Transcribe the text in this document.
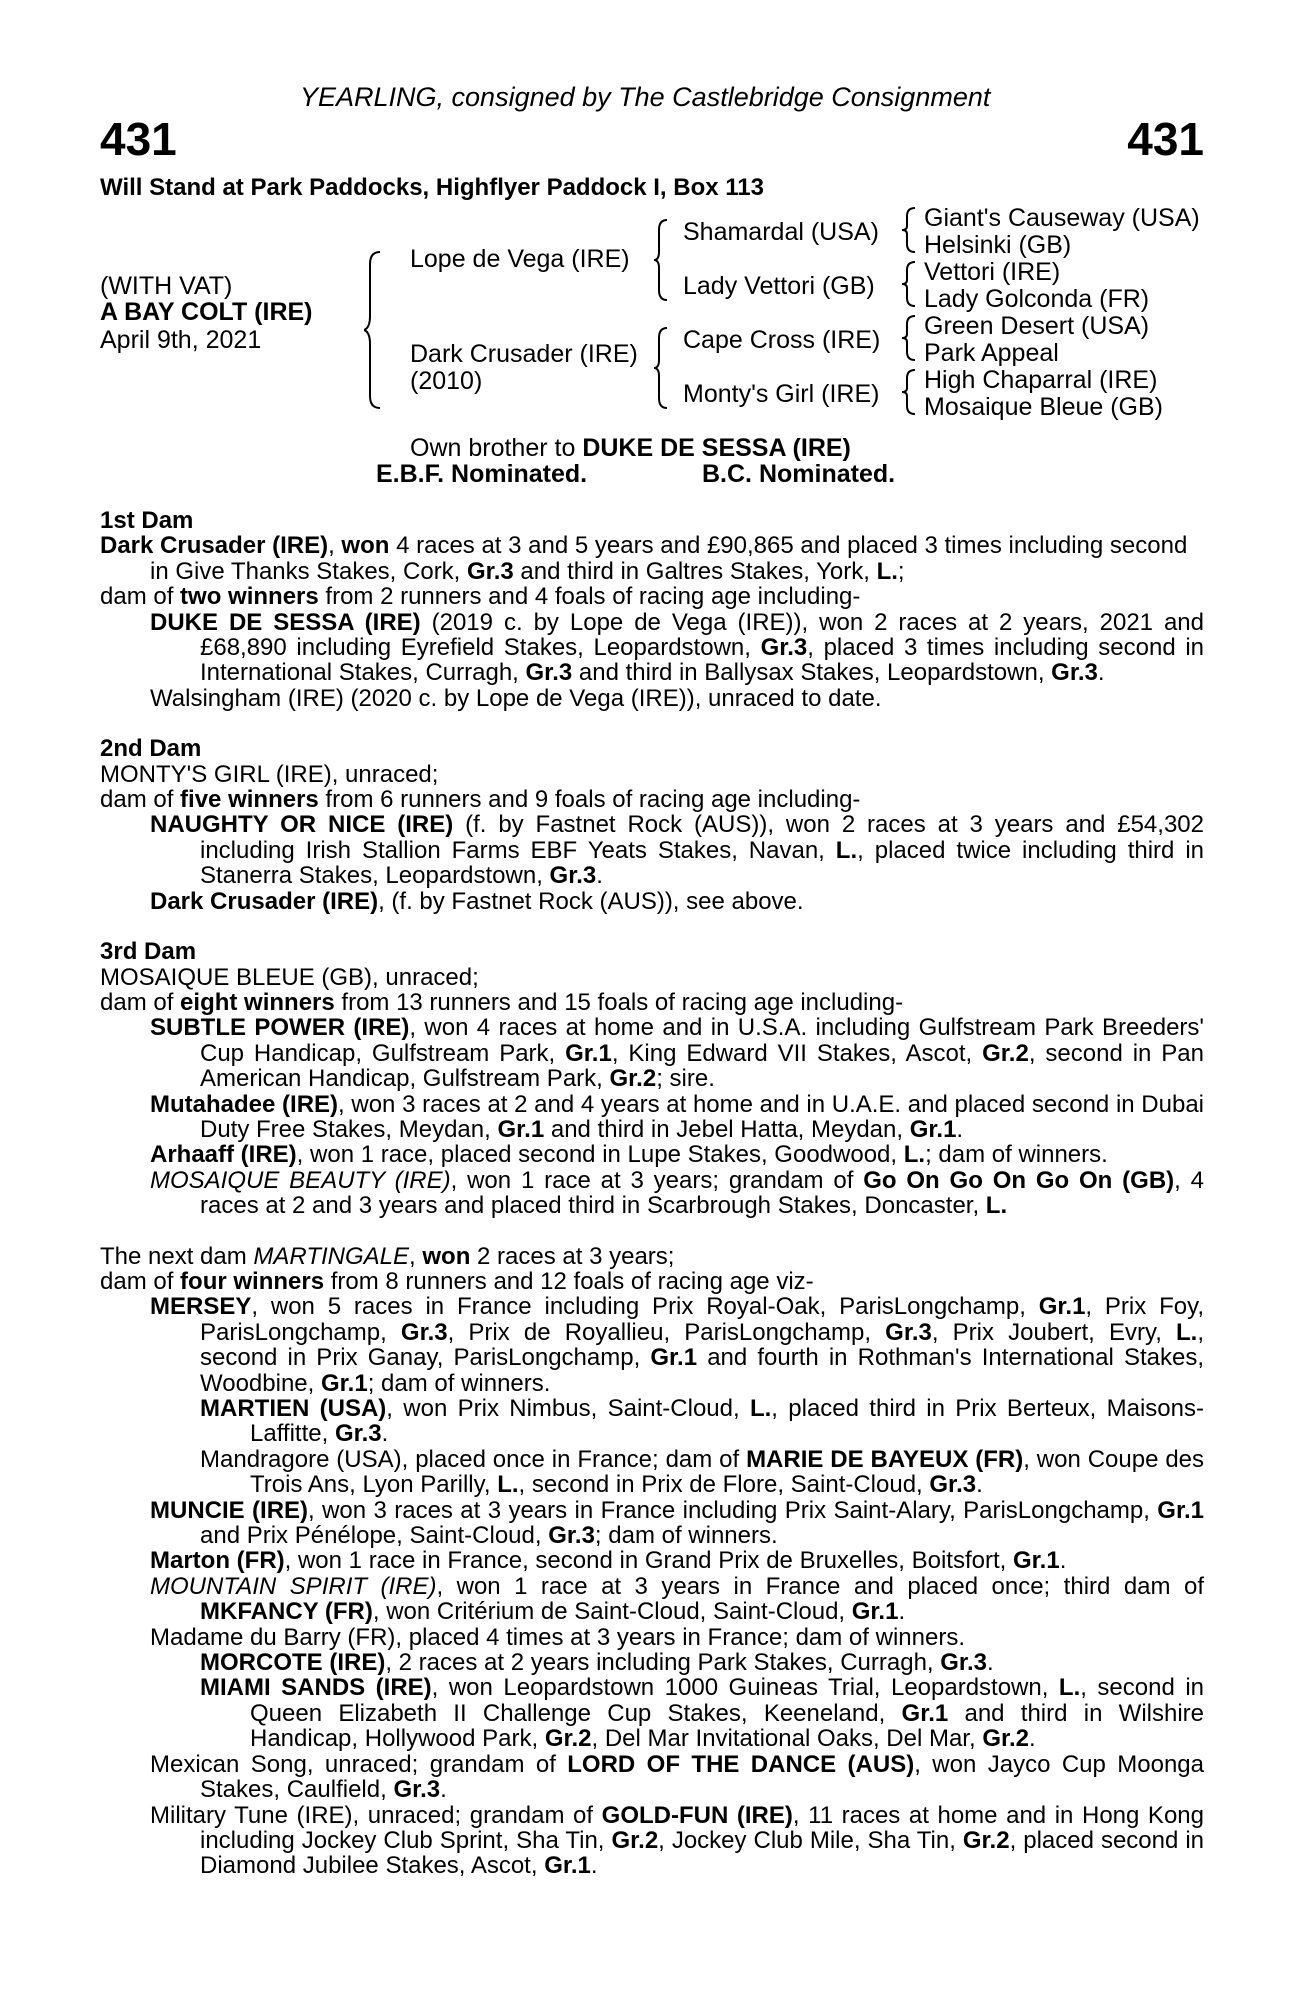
YEARLING, consigned by The Castlebridge Consignment
431	431
Will Stand at Park Paddocks, Highflyer Paddock I, Box 113
(WITH VAT)
A BAY COLT (IRE)
April 9th, 2021
Lope de Vega (IRE)
Dark Crusader (IRE)
(2010)
Shamardal (USA)
Lady Vettori (GB)
Cape Cross (IRE)
Monty's Girl (IRE)
Giant's Causeway (USA)
Helsinki (GB)
Vettori (IRE)
Lady Golconda (FR)
Green Desert (USA)
Park Appeal
High Chaparral (IRE)
Mosaique Bleue (GB)
Own brother to DUKE DE SESSA (IRE)
E.B.F. Nominated.	B.C. Nominated.

1st Dam

Dark Crusader (IRE), won 4 races at 3 and 5 years and £90,865 and placed 3 times including second in Give Thanks Stakes, Cork, Gr.3 and third in Galtres Stakes, York, L.;

dam of two winners from 2 runners and 4 foals of racing age including-

DUKE DE SESSA (IRE) (2019 c. by Lope de Vega (IRE)), won 2 races at 2 years, 2021 and £68,890 including Eyrefield Stakes, Leopardstown, Gr.3, placed 3 times including second in International Stakes, Curragh, Gr.3 and third in Ballysax Stakes, Leopardstown, Gr.3.

Walsingham (IRE) (2020 c. by Lope de Vega (IRE)), unraced to date.

2nd Dam

MONTY'S GIRL (IRE), unraced;

dam of five winners from 6 runners and 9 foals of racing age including-

NAUGHTY OR NICE (IRE) (f. by Fastnet Rock (AUS)), won 2 races at 3 years and £54,302 including Irish Stallion Farms EBF Yeats Stakes, Navan, L., placed twice including third in Stanerra Stakes, Leopardstown, Gr.3.

Dark Crusader (IRE), (f. by Fastnet Rock (AUS)), see above.

3rd Dam

MOSAIQUE BLEUE (GB), unraced;

dam of eight winners from 13 runners and 15 foals of racing age including-

SUBTLE POWER (IRE), won 4 races at home and in U.S.A. including Gulfstream Park Breeders' Cup Handicap, Gulfstream Park, Gr.1, King Edward VII Stakes, Ascot, Gr.2, second in Pan American Handicap, Gulfstream Park, Gr.2; sire.

Mutahadee (IRE), won 3 races at 2 and 4 years at home and in U.A.E. and placed second in Dubai Duty Free Stakes, Meydan, Gr.1 and third in Jebel Hatta, Meydan, Gr.1.

Arhaaff (IRE), won 1 race, placed second in Lupe Stakes, Goodwood, L.; dam of winners.

MOSAIQUE BEAUTY (IRE), won 1 race at 3 years; grandam of Go On Go On Go On (GB), 4 races at 2 and 3 years and placed third in Scarbrough Stakes, Doncaster, L.

The next dam MARTINGALE, won 2 races at 3 years;

dam of four winners from 8 runners and 12 foals of racing age viz-

MERSEY, won 5 races in France including Prix Royal-Oak, ParisLongchamp, Gr.1, Prix Foy, ParisLongchamp, Gr.3, Prix de Royallieu, ParisLongchamp, Gr.3, Prix Joubert, Evry, L., second in Prix Ganay, ParisLongchamp, Gr.1 and fourth in Rothman's International Stakes, Woodbine, Gr.1; dam of winners.

MARTIEN (USA), won Prix Nimbus, Saint-Cloud, L., placed third in Prix Berteux, Maisons-Laffitte, Gr.3.

Mandragore (USA), placed once in France; dam of MARIE DE BAYEUX (FR), won Coupe des Trois Ans, Lyon Parilly, L., second in Prix de Flore, Saint-Cloud, Gr.3.

MUNCIE (IRE), won 3 races at 3 years in France including Prix Saint-Alary, ParisLongchamp, Gr.1 and Prix Pénélope, Saint-Cloud, Gr.3; dam of winners.

Marton (FR), won 1 race in France, second in Grand Prix de Bruxelles, Boitsfort, Gr.1.

MOUNTAIN SPIRIT (IRE), won 1 race at 3 years in France and placed once; third dam of MKFANCY (FR), won Critérium de Saint-Cloud, Saint-Cloud, Gr.1.

Madame du Barry (FR), placed 4 times at 3 years in France; dam of winners.

MORCOTE (IRE), 2 races at 2 years including Park Stakes, Curragh, Gr.3.

MIAMI SANDS (IRE), won Leopardstown 1000 Guineas Trial, Leopardstown, L., second in Queen Elizabeth II Challenge Cup Stakes, Keeneland, Gr.1 and third in Wilshire Handicap, Hollywood Park, Gr.2, Del Mar Invitational Oaks, Del Mar, Gr.2.

Mexican Song, unraced; grandam of LORD OF THE DANCE (AUS), won Jayco Cup Moonga Stakes, Caulfield, Gr.3.

Military Tune (IRE), unraced; grandam of GOLD-FUN (IRE), 11 races at home and in Hong Kong including Jockey Club Sprint, Sha Tin, Gr.2, Jockey Club Mile, Sha Tin, Gr.2, placed second in Diamond Jubilee Stakes, Ascot, Gr.1.
